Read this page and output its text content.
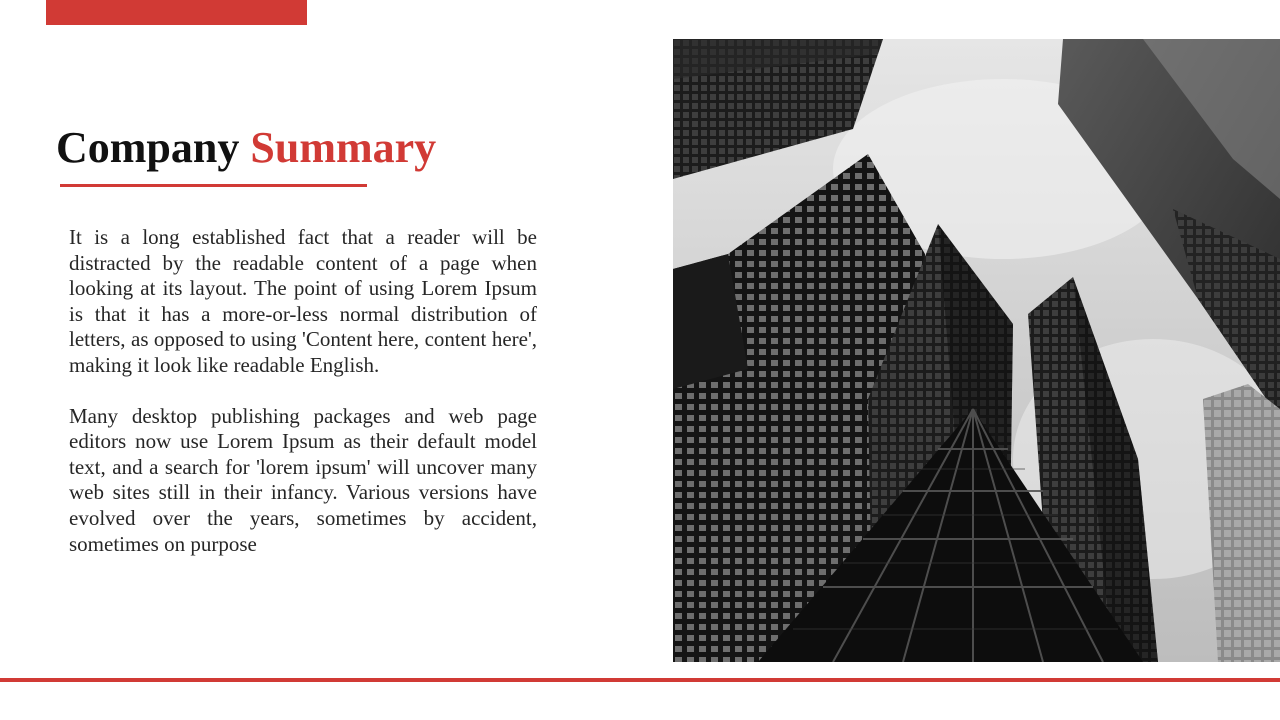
Company Summary

It is a long established fact that a reader will be distracted by the readable content of a page when looking at its layout. The point of using Lorem Ipsum is that it has a more-or-less normal distribution of letters, as opposed to using 'Content here, content here', making it look like readable English.

Many desktop publishing packages and web page editors now use Lorem Ipsum as their default model text, and a search for 'lorem ipsum' will uncover many web sites still in their infancy. Various versions have evolved over the years, sometimes by accident, sometimes on purpose
